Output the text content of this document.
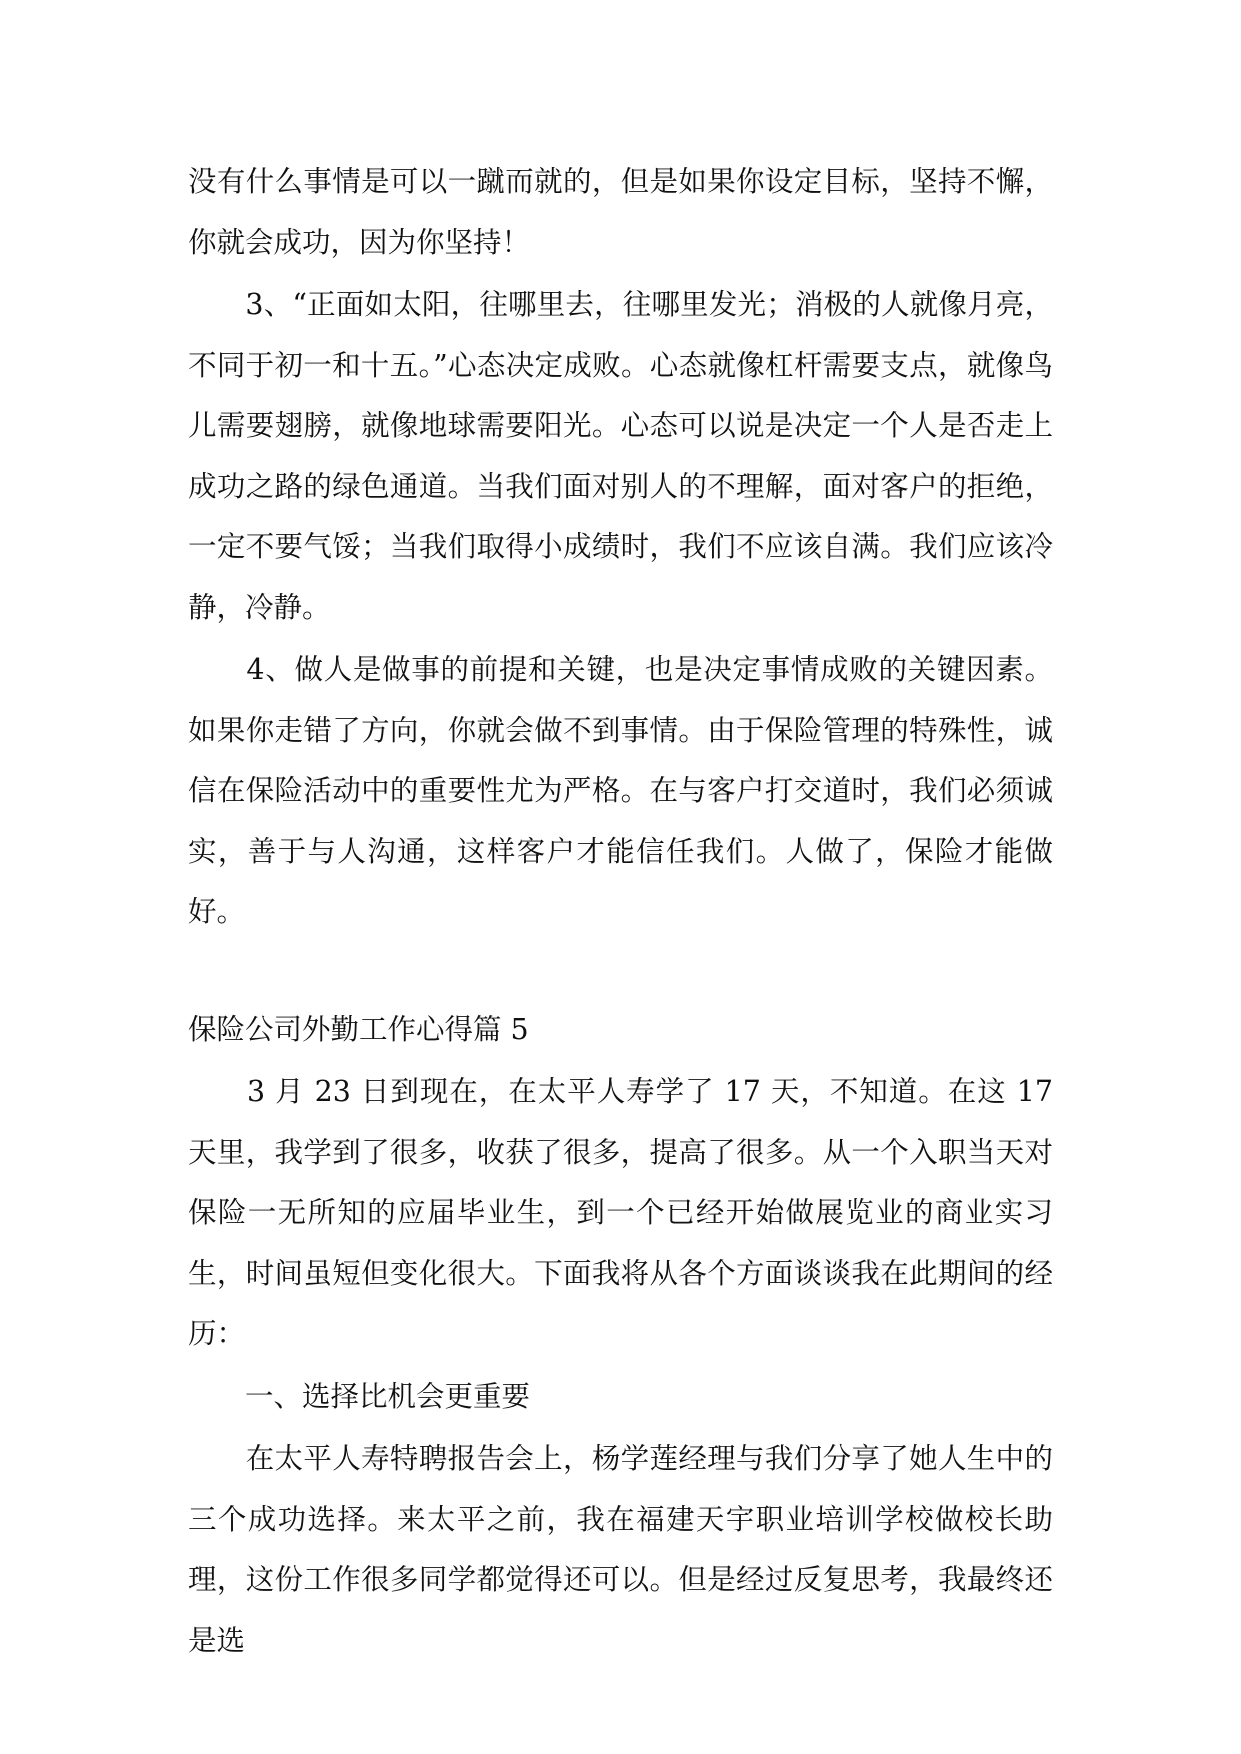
没有什么事情是可以一蹴而就的，但是如果你设定目标，坚持不懈，你就会成功，因为你坚持！

　　3、“正面如太阳，往哪里去，往哪里发光；消极的人就像月亮，不同于初一和十五。”心态决定成败。心态就像杠杆需要支点，就像鸟儿需要翅膀，就像地球需要阳光。心态可以说是决定一个人是否走上成功之路的绿色通道。当我们面对别人的不理解，面对客户的拒绝，一定不要气馁；当我们取得小成绩时，我们不应该自满。我们应该冷静，冷静。

　　4、做人是做事的前提和关键，也是决定事情成败的关键因素。如果你走错了方向，你就会做不到事情。由于保险管理的特殊性，诚信在保险活动中的重要性尤为严格。在与客户打交道时，我们必须诚实，善于与人沟通，这样客户才能信任我们。人做了，保险才能做好。

保险公司外勤工作心得篇 5

　　3 月 23 日到现在，在太平人寿学了 17 天，不知道。在这 17 天里，我学到了很多，收获了很多，提高了很多。从一个入职当天对保险一无所知的应届毕业生，到一个已经开始做展览业的商业实习生，时间虽短但变化很大。下面我将从各个方面谈谈我在此期间的经历：

　　一、选择比机会更重要

　　在太平人寿特聘报告会上，杨学莲经理与我们分享了她人生中的三个成功选择。来太平之前，我在福建天宇职业培训学校做校长助理，这份工作很多同学都觉得还可以。但是经过反复思考，我最终还是选
